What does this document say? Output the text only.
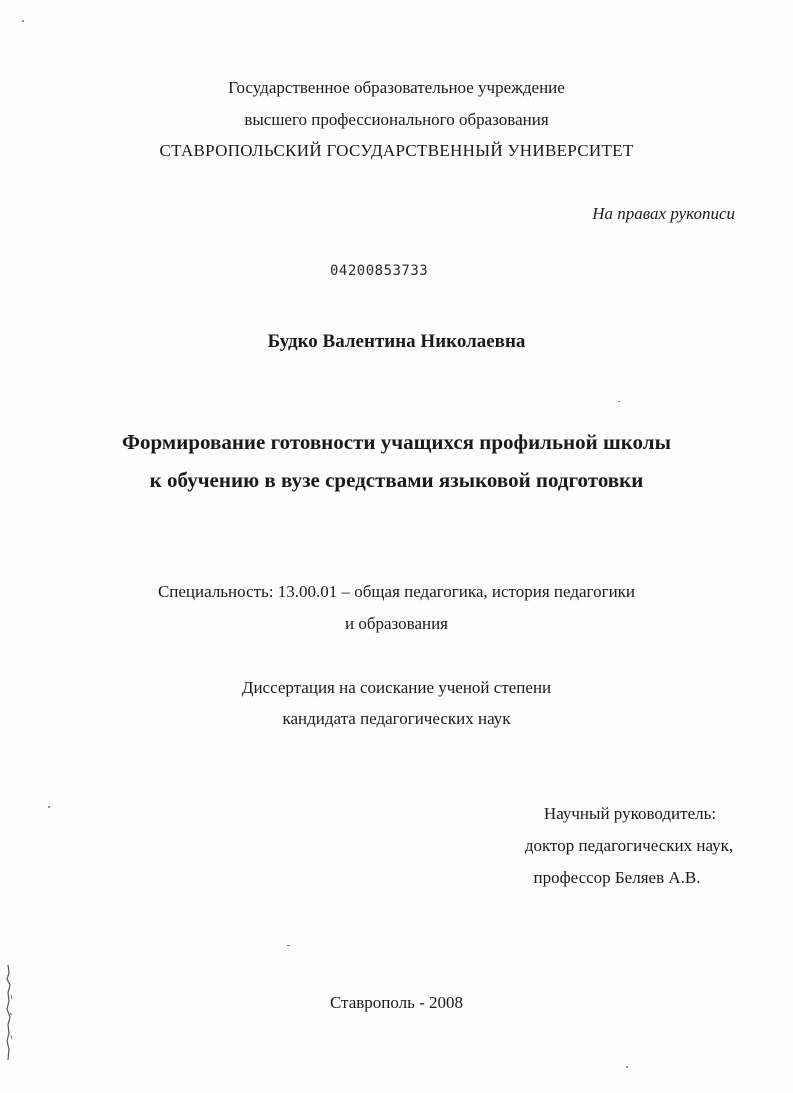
Государственное образовательное учреждение
высшего профессионального образования
СТАВРОПОЛЬСКИЙ ГОСУДАРСТВЕННЫЙ УНИВЕРСИТЕТ
На правах рукописи
04200853733
Будко Валентина Николаевна
Формирование готовности учащихся профильной школы
к обучению в вузе средствами языковой подготовки
Специальность: 13.00.01 – общая педагогика, история педагогики
и образования
Диссертация на соискание ученой степени
кандидата педагогических наук
Научный руководитель:
доктор педагогических наук,
профессор Беляев А.В.
Ставрополь - 2008
